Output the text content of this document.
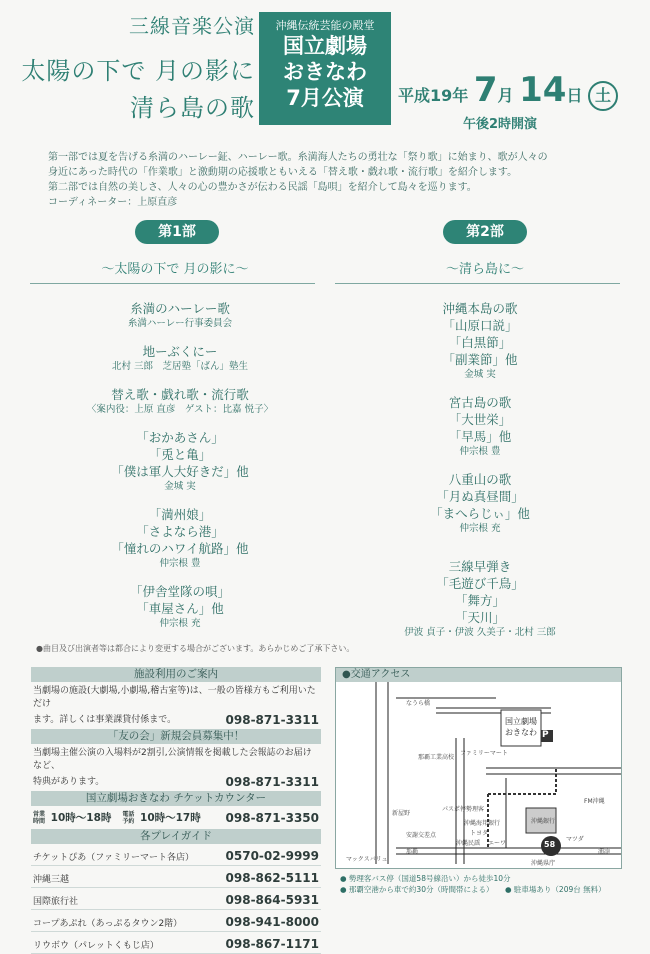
三線音楽公演
太陽の下で 月の影に
清ら島の歌
沖縄伝統芸能の殿堂
国立劇場
おきなわ
7月公演	平成19年 7月 14日 土
午後2時開演
第一部では夏を告げる糸満のハーレー鉦、ハーレー歌。糸満海人たちの勇壮な「祭り歌」に始まり、歌が人々の
身近にあった時代の「作業歌」と激動期の応援歌ともいえる「替え歌・戯れ歌・流行歌」を紹介します。
第二部では自然の美しさ、人々の心の豊かさが伝わる民謡「島唄」を紹介して島々を巡ります。
コーディネーター：上原直彦
第1部
〜太陽の下で 月の影に〜
糸満のハーレー歌
糸満ハーレー行事委員会
地ーぶくにー
北村 三郎　芝居塾「ばん」塾生
替え歌・戯れ歌・流行歌
〈案内役：上原 直彦　ゲスト：比嘉 悦子〉
「おかあさん」
「兎と亀」
「僕は軍人大好きだ」他
金城 実
「満州娘」
「さよなら港」
「憧れのハワイ航路」他
仲宗根 豊
「伊舎堂隊の唄」
「車屋さん」他
仲宗根 充
第2部
〜清ら島に〜
沖縄本島の歌
「山原口説」
「白黒節」
「副業節」他
金城 実
宮古島の歌
「大世栄」
「早馬」他
仲宗根 豊
八重山の歌
「月ぬ真昼間」
「まへらじぃ」他
仲宗根 充
三線早弾き
「毛遊び千鳥」
「舞方」
「天川」
伊波 貞子・伊波 久美子・北村 三郎
●曲目及び出演者等は都合により変更する場合がございます。あらかじめご了承下さい。
施設利用のご案内
当劇場の施設(大劇場,小劇場,稽古室等)は、一般の皆様方もご利用いただけ
ます。詳しくは事業課貸付係まで。	098-871-3311
「友の会」新規会員募集中！
当劇場主催公演の入場料が2割引,公演情報を掲載した会報誌のお届けなど、
特典があります。	098-871-3311
国立劇場おきなわ チケットカウンター
営業時間 10時〜18時 電話予約 10時〜17時 098-871-3350
各プレイガイド
チケットぴあ（ファミリーマート各店）	0570-02-9999
沖縄三越	098-862-5111
国際旅行社	098-864-5931
コープあぷれ（あっぷるタウン2階）	098-941-8000
リウボウ（パレットくもじ店）	098-867-1171
●交通アクセス
国立劇場おきなわ P
58
なうら橋
那覇工業高校
ファミリーマート
新屋野
安謝交差点
パスポ停勢理客
トヨタ
エーワ
沖縄民謡
沖縄銀行
沖縄県庁
マツダ
那覇	浦添
マックスバリュ
沖縄海邦銀行
FM沖縄
● 勢理客バス停（国道58号線沿い）から徒歩10分
● 那覇空港から車で約30分（時間帯による） ● 駐車場あり（209台 無料）
